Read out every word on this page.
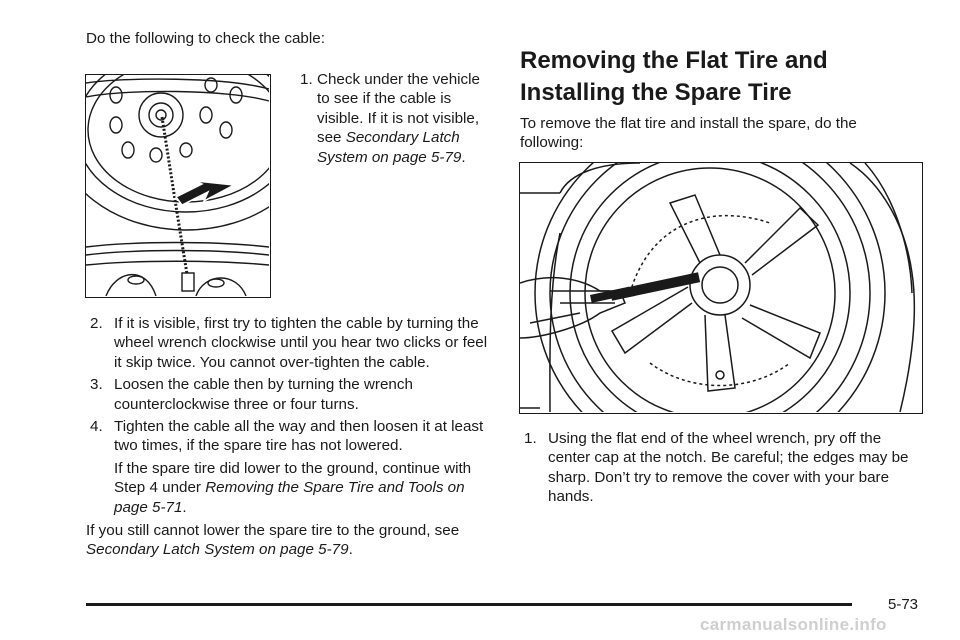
Do the following to check the cable:
1. Check under the vehicle to see if the cable is visible. If it is not visible, see Secondary Latch System on page 5-79.
2. If it is visible, first try to tighten the cable by turning the wheel wrench clockwise until you hear two clicks or feel it skip twice. You cannot over-tighten the cable.
3. Loosen the cable then by turning the wrench counterclockwise three or four turns.
4. Tighten the cable all the way and then loosen it at least two times, if the spare tire has not lowered.
If the spare tire did lower to the ground, continue with Step 4 under Removing the Spare Tire and Tools on page 5-71.
If you still cannot lower the spare tire to the ground, see Secondary Latch System on page 5-79.
Removing the Flat Tire and Installing the Spare Tire
To remove the flat tire and install the spare, do the following:
1. Using the flat end of the wheel wrench, pry off the center cap at the notch. Be careful; the edges may be sharp. Don’t try to remove the cover with your bare hands.
5-73
carmanualsonline.info
